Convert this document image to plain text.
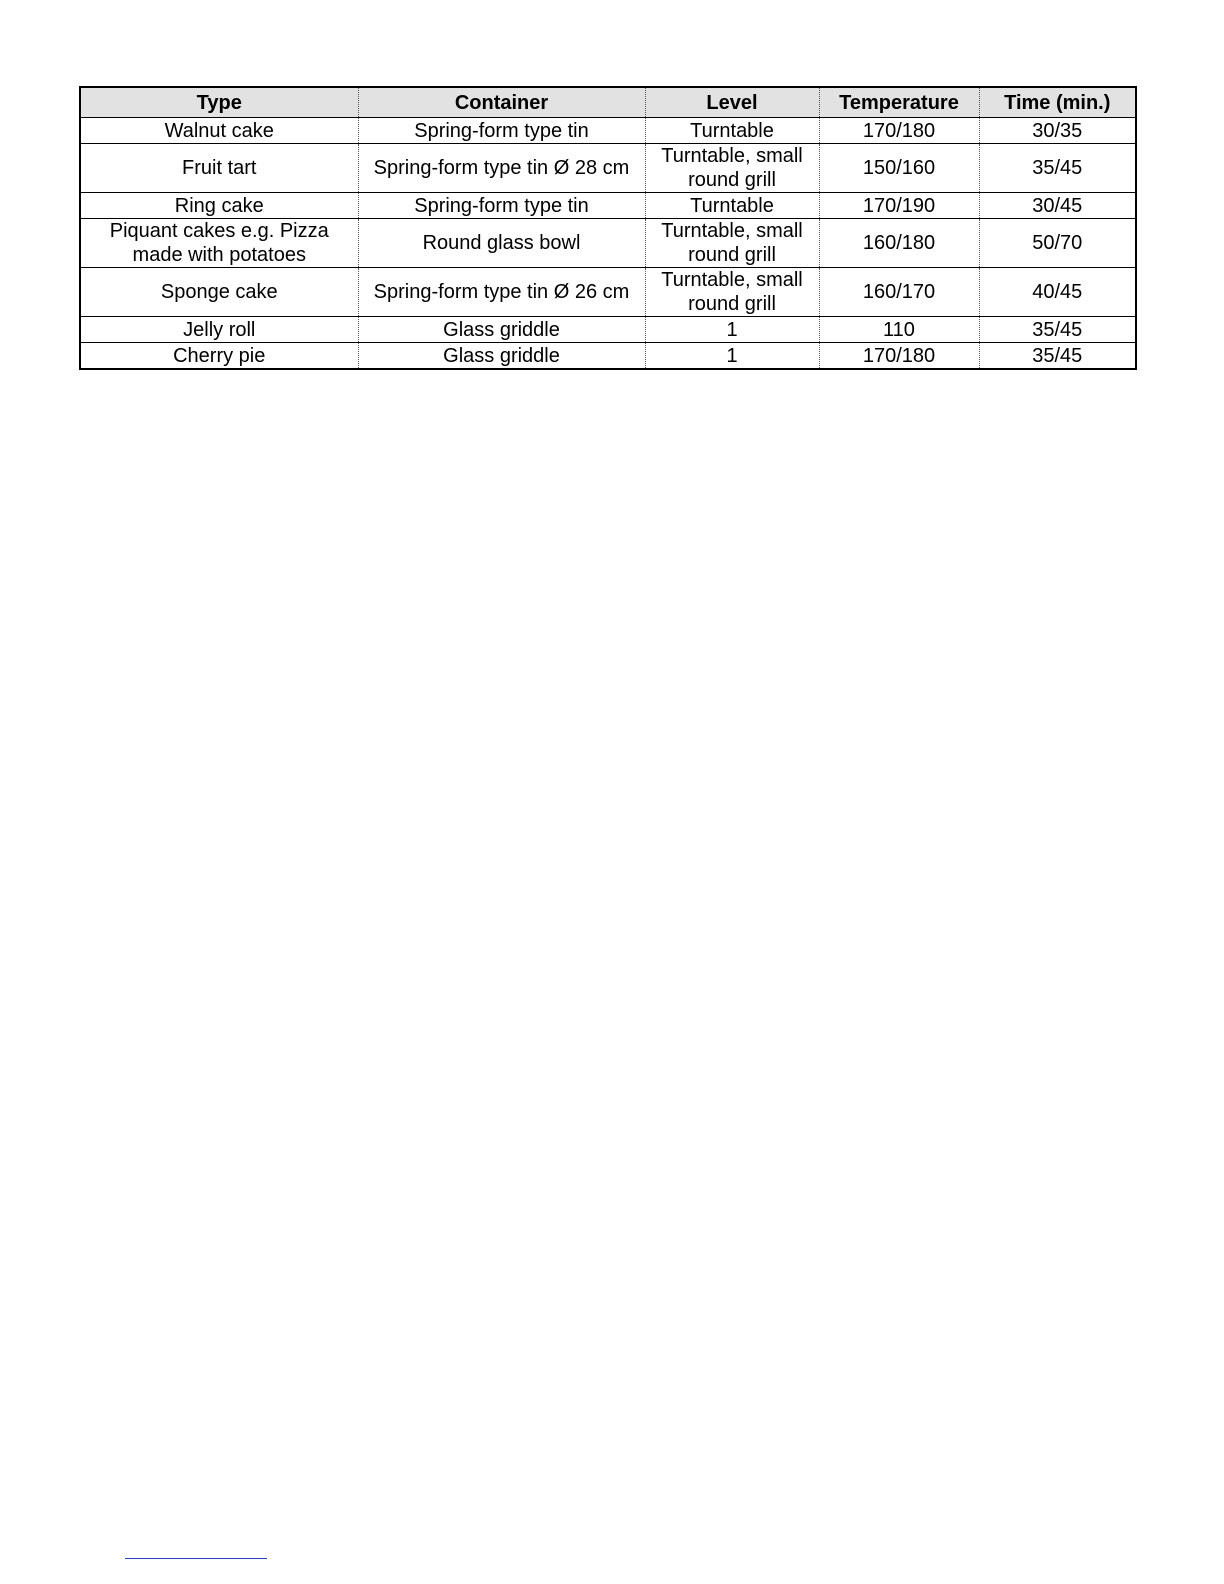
Type	Container	Level	Temperature	Time (min.)

Walnut cake	Spring-form type tin	Turntable	170/180	30/35

Fruit tart	Spring-form type tin Ø 28 cm	Turntable, small
round grill	150/160	35/45

Ring cake	Spring-form type tin	Turntable	170/190	30/45

Piquant cakes e.g. Pizza
made with potatoes	Round glass bowl	Turntable, small
round grill	160/180	50/70

Sponge cake	Spring-form type tin Ø 26 cm	Turntable, small
round grill	160/170	40/45

Jelly roll	Glass griddle	1	110	35/45

Cherry pie	Glass griddle	1	170/180	35/45
